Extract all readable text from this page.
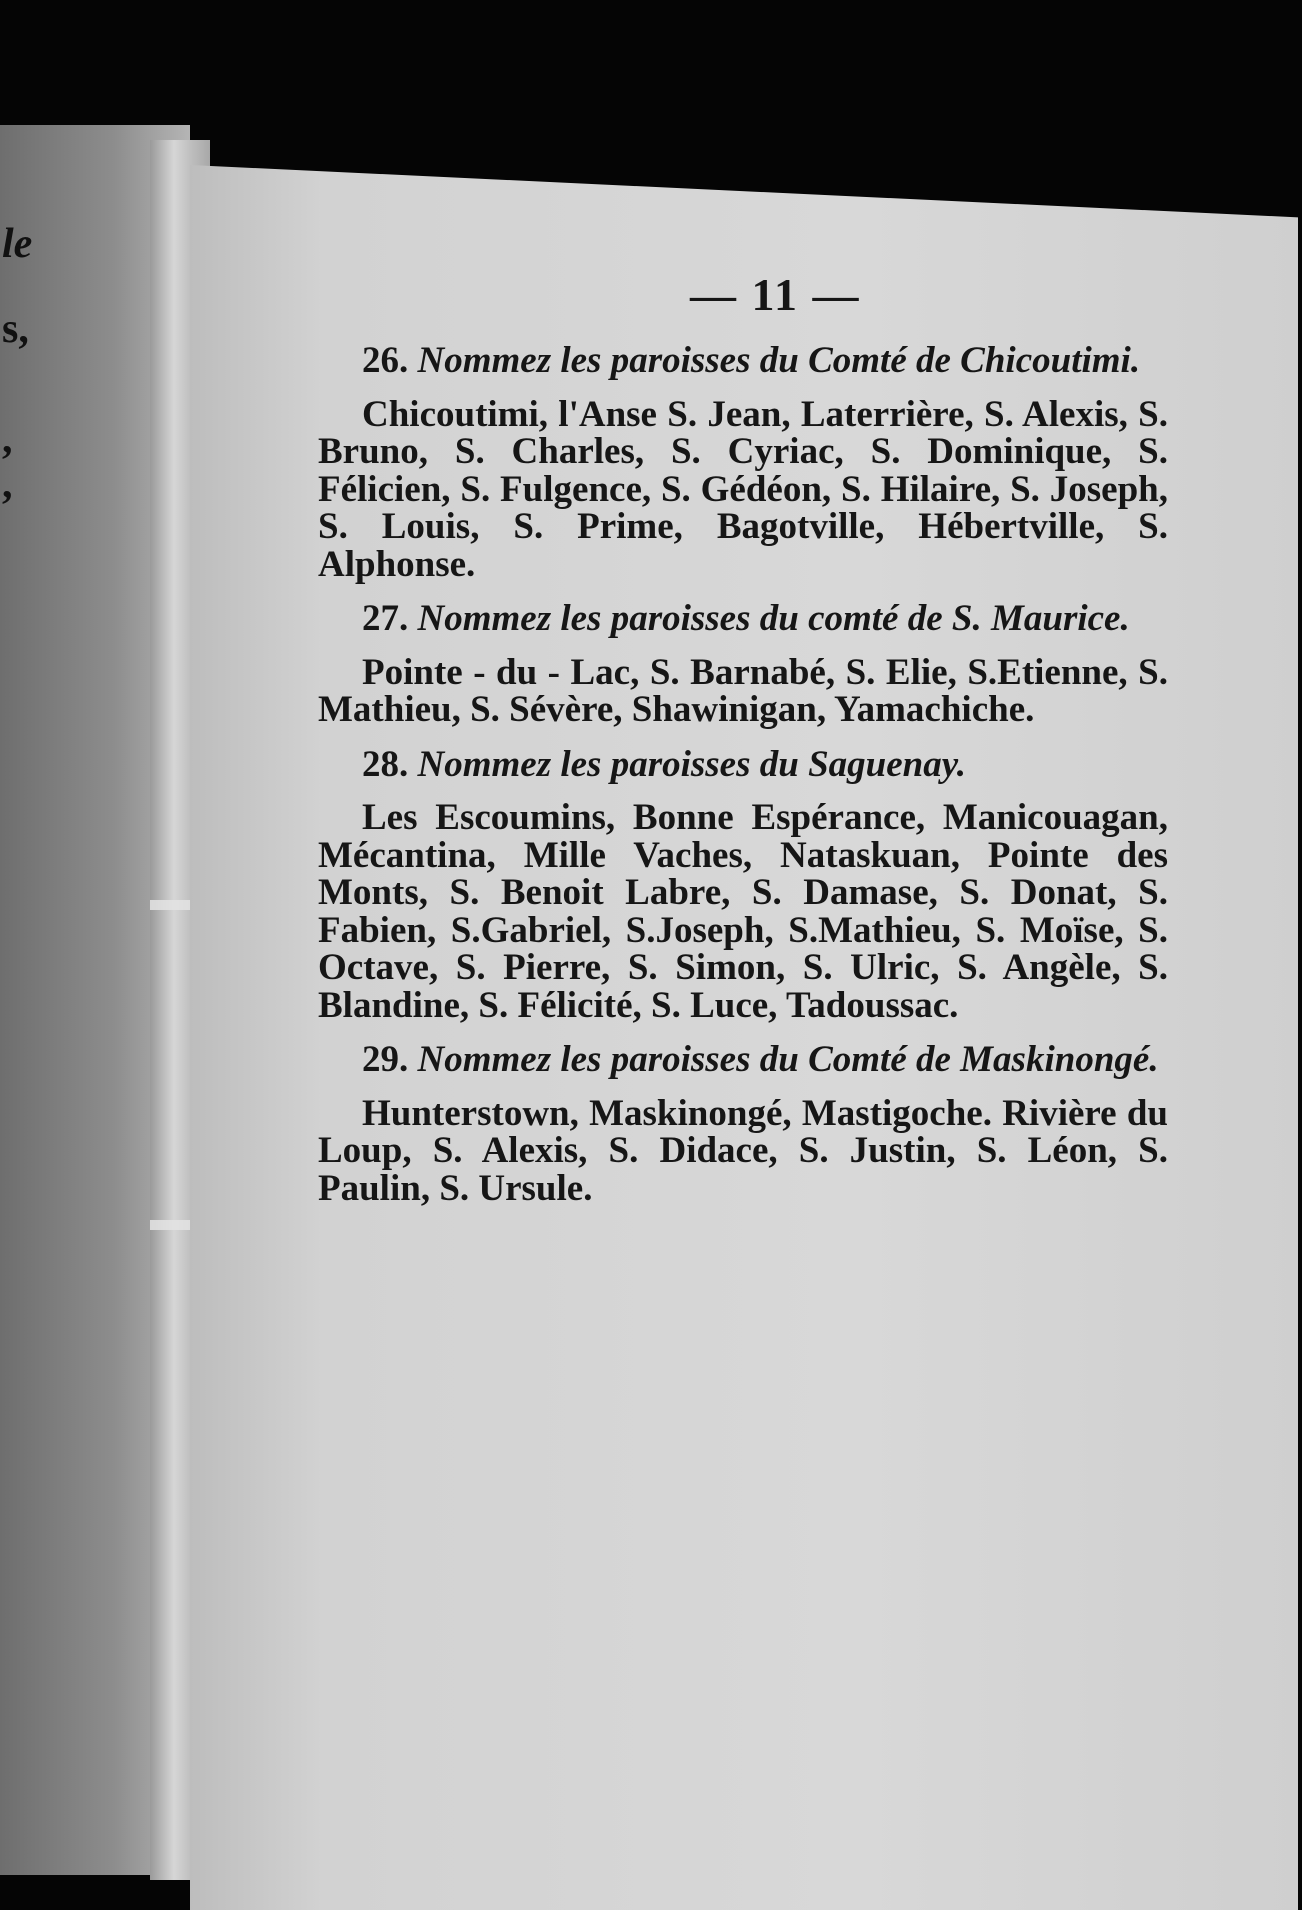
le
s,
,
,
— 11 —

26. Nommez les paroisses du Comté de Chicoutimi.

Chicoutimi, l'Anse S. Jean, Laterrière, S. Alexis, S. Bruno, S. Charles, S. Cyriac, S. Dominique, S. Félicien, S. Fulgence, S. Gédéon, S. Hilaire, S. Joseph, S. Louis, S. Prime, Bagotville, Hébertville, S. Alphonse.

27. Nommez les paroisses du comté de S. Maurice.

Pointe - du - Lac, S. Barnabé, S. Elie, S.Etienne, S. Mathieu, S. Sévère, Shawinigan, Yamachiche.

28. Nommez les paroisses du Saguenay.

Les Escoumins, Bonne Espérance, Manicouagan, Mécantina, Mille Vaches, Nataskuan, Pointe des Monts, S. Benoit Labre, S. Damase, S. Donat, S. Fabien, S.Gabriel, S.Joseph, S.Mathieu, S. Moïse, S. Octave, S. Pierre, S. Simon, S. Ulric, S. Angèle, S. Blandine, S. Félicité, S. Luce, Tadoussac.

29. Nommez les paroisses du Comté de Maskinongé.

Hunterstown, Maskinongé, Mastigoche. Rivière du Loup, S. Alexis, S. Didace, S. Justin, S. Léon, S. Paulin, S. Ursule.
